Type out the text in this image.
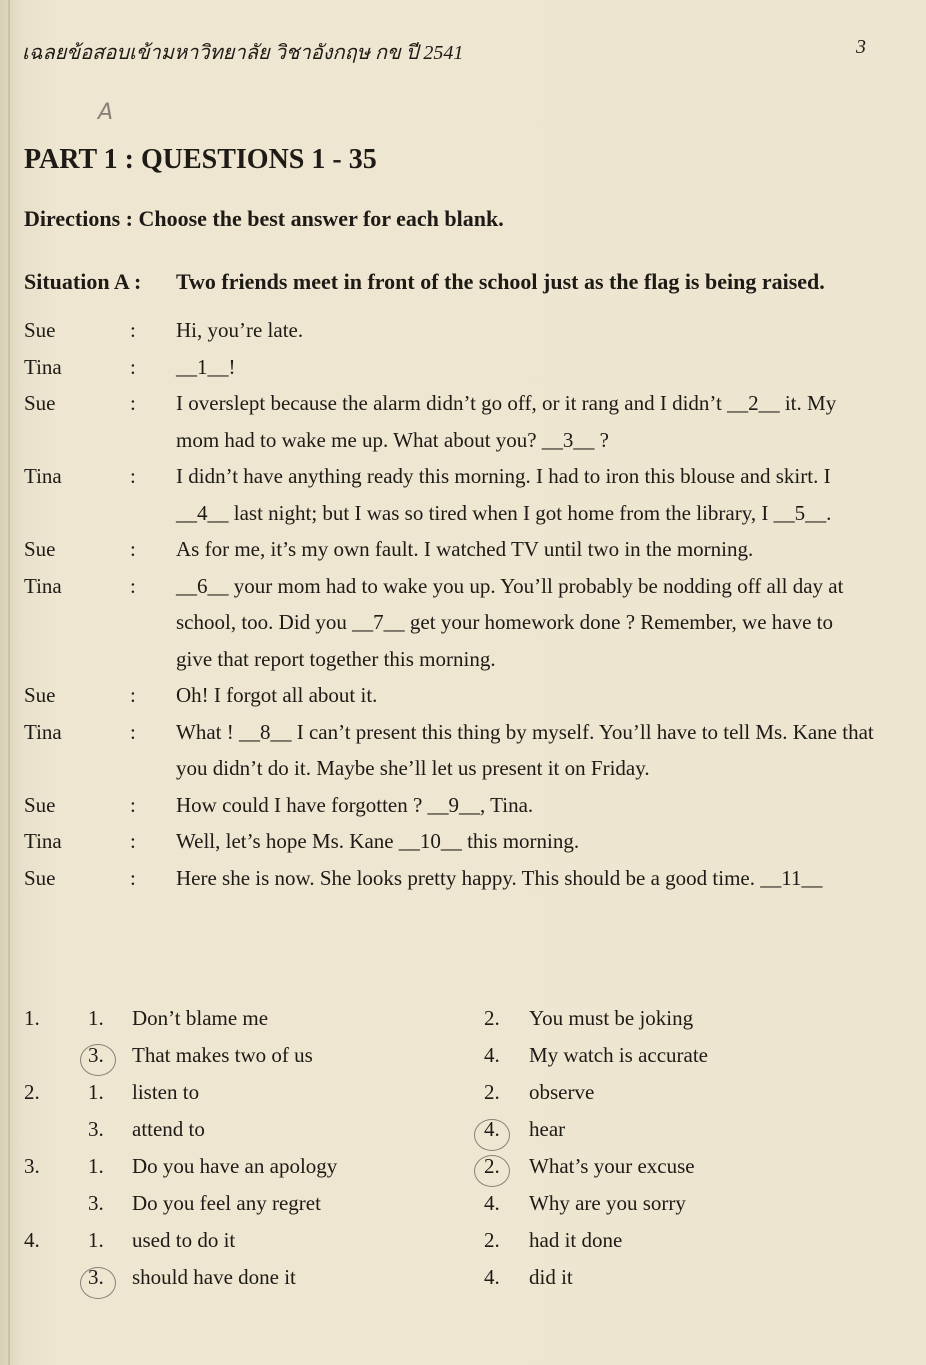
เฉลยข้อสอบเข้ามหาวิทยาลัย วิชาอังกฤษ กข ปี 2541	3
A
PART 1 : QUESTIONS 1 - 35
Directions : Choose the best answer for each blank.
Situation A : Two friends meet in front of the school just as the flag is being raised.
Sue	: Hi, you’re late.
Tina	: __1__!
Sue	: I overslept because the alarm didn’t go off, or it rang and I didn’t __2__ it. My mom had to wake me up. What about you? __3__ ?
Tina	: I didn’t have anything ready this morning. I had to iron this blouse and skirt. I __4__ last night; but I was so tired when I got home from the library, I __5__.
Sue	: As for me, it’s my own fault. I watched TV until two in the morning.
Tina	: __6__ your mom had to wake you up. You’ll probably be nodding off all day at school, too. Did you __7__ get your homework done ? Remember, we have to give that report together this morning.
Sue	: Oh! I forgot all about it.
Tina	: What ! __8__ I can’t present this thing by myself. You’ll have to tell Ms. Kane that you didn’t do it. Maybe she’ll let us present it on Friday.
Sue	: How could I have forgotten ? __9__, Tina.
Tina	: Well, let’s hope Ms. Kane __10__ this morning.
Sue	: Here she is now. She looks pretty happy. This should be a good time. __11__
1. 1. Don’t blame me	2. You must be joking
3. That makes two of us	4. My watch is accurate
2. 1. listen to	2. observe
3. attend to	4. hear
3. 1. Do you have an apology	2. What’s your excuse
3. Do you feel any regret	4. Why are you sorry
4. 1. used to do it	2. had it done
3. should have done it	4. did it
